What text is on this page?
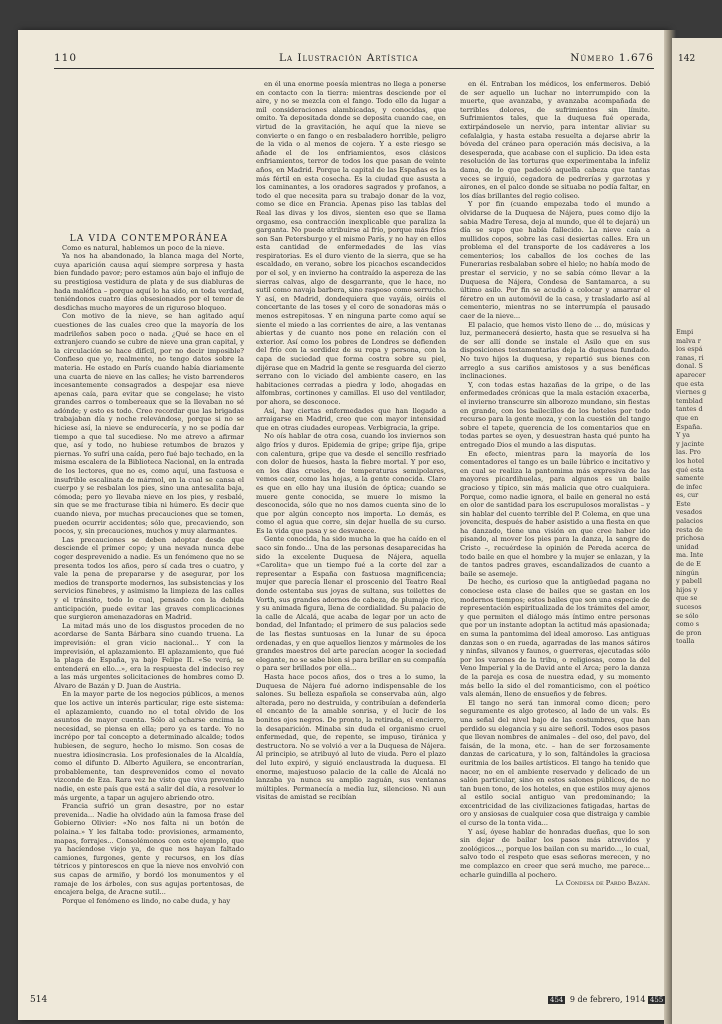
142
Empi
malva r
los espá
ranas, ri
donal. S
aparecer
que esta
viernes g
temblad
tantes d
que en
España.
Y ya
y jacinte
las. Pro
los hotel
qué esta
samente
de infec
es, cur
Este
vesados
palacios
resta de
prichosa
unidad
ma. Inte
de de E
ningún
y pabell
hijos y
que se
sucesos
se sólo
como s
de pron
toalla
110	La Ilustración Artística	Número 1.676

LA VIDA CONTEMPORÁNEA

Como es natural, hablemos un poco de la nieve.

Ya nos ha abandonado, la blanca maga del Norte, cuya aparición causa aquí siempre sorpresa y hasta bien fundado pavor; pero estamos aún bajo el influjo de su prestigiosa vestidura de plata y de sus diabluras de hada maléfica – porque aquí lo ha sido, en toda verdad, teniéndonos cuatro días obsesionados por el temor de desdichas mucho mayores de un riguroso bloqueo.

Con motivo de la nieve, se han agitado aquí cuestiones de las cuales creo que la mayoría de los madrileños saben poco o nada. ¿Qué se hace en el extranjero cuando se cubre de nieve una gran capital, y la circulación se hace difícil, por no decir imposible? Confieso que yo, realmente, no tengo datos sobre la materia. He estado en París cuando había diariamente una cuarta de nieve en las calles; he visto barrenderos incesantemente consagrados a despejar esa nieve apenas caía, para evitar que se congelase; he visto grandes carros o tombereaux que se la llevaban no sé adónde; y esto es todo. Creo recordar que las brigadas trabajaban día y noche relevándose, porque si no se hiciese así, la nieve se endurecería, y no se podía dar tiempo a que tal sucediese. No me atrevo a afirmar que, así y todo, no hubiese retumbos de brazos y piernas. Yo sufrí una caída, pero fué bajo techado, en la misma escalera de la Biblioteca Nacional, en la entrada de los lectores, que no es, como aquí, una fastuosa e insufrible escalinata de mármol, en la cual se cansa el cuerpo y se resbalan los pies, sino una antesalita baja, cómoda; pero yo llevaba nieve en los pies, y resbalé, sin que se me fracturase tibia ni húmero. Es decir que cuando nieva, por muchas precauciones que se tomen, pueden ocurrir accidentes; sólo que, precaviendo, son pocos, y, sin precauciones, muchos y muy alarmantes.

Las precauciones se deben adoptar desde que desciende el primer copo; y una nevada nunca debe coger desprevenido a nadie. Es un fenómeno que no se presenta todos los años, pero sí cada tres o cuatro, y vale la pena de prepararse y de asegurar, por los medios de transporte modernos, las subsistencias y los servicios fúnebres, y asimismo la limpieza de las calles y el tránsito, todo lo cual, pensado con la debida anticipación, puede evitar las graves complicaciones que surgieron amenazadoras en Madrid.

La mitad más uno de los disgustos proceden de no acordarse de Santa Bárbara sino cuando truena. La imprevisión: el gran vicio nacional... Y con la imprevisión, el aplazamiento. El aplazamiento, que fué la plaga de España, ya bajo Felipe II. «Se verá, se entenderá en ello...», era la respuesta del indeciso rey a las más urgentes solicitaciones de hombres como D. Álvaro de Bazán y D. Juan de Austria.

En la mayor parte de los negocios públicos, a menos que los active un interés particular, rige este sistema: el aplazamiento, cuando no el total olvido de los asuntos de mayor cuenta. Sólo al echarse encima la necesidad, se piensa en ella; pero ya es tarde. Yo no incrépo por tal concepto a determinado alcalde; todos hubiesen, de seguro, hecho lo mismo. Son cosas de nuestra idiosincrasia. Los profesionales de la Alcaldía, como el difunto D. Alberto Aguilera, se encontrarían, probablemente, tan desprevenidos como el novato vizconde de Eza. Rara vez he visto que viva prevenido nadie, en este país que está a salir del día, a resolver lo más urgente, a tapar un agujero abriendo otro.

Francia sufrió un gran desastre, por no estar prevenida... Nadie ha olvidado aún la famosa frase del Gobierno Olivier: «No nos falta ni un botón de polaina.» Y les faltaba todo: provisiones, armamento, mapas, forrajes... Consolémonos con este ejemplo, que ya hacíendose viejo ya, de que nos hayan faltado camiones, furgones, gente y recursos, en los días tétricos y pintorescos en que la nieve nos envolvió con sus capas de armiño, y bordó los monumentos y el ramaje de los árboles, con sus agujas portentosas, de encajera belga, de Aracne sutil...

Porque el fenómeno es lindo, no cabe duda, y hay

en él una enorme poesía mientras no llega a ponerse en contacto con la tierra: mientras desciende por el aire, y no se mezcla con el fango. Todo ello da lugar a mil consideraciones alambicadas, y conocidas, que omito. Ya depositada donde se deposita cuando cae, en virtud de la gravitación, he aquí que la nieve se convierte o en fango o en resbaladero horrible, peligro de la vida o al menos de cojera. Y a este riesgo se añade el de los enfriamientos, esos clásicos enfriamientos, terror de todos los que pasan de veinte años, en Madrid. Porque la capital de las Españas es la más fértil en esta cosecha. Es la ciudad que asusta a los caminantes, a los oradores sagrados y profanos, a todo el que necesita para su trabajo donar de la voz, como se dice en Francia. Apenas piso las tablas del Real las divas y los divos, sienten eso que se llama orgasmo, esa contracción inexplicable que paraliza la garganta. No puede atribuirse al frío, porque más fríos son San Petersburgo y el mismo París, y no hay en ellos esta cantidad de enfermedades de las vías respiratorias. Es el duro viento de la sierra, que se ha escaldado, en verano, sobre los picachos escandecidos por el sol, y en invierno ha contraído la aspereza de las sierras calvas, algo de desgarrante, que le hace, no sutil como navaja barbera, sino rasposo como serrucho. Y así, en Madrid, dondequiera que vayáis, oiréis el concertante de las toses y el coro de sonadoras más o menos estrepitosas. Y en ninguna parte como aquí se siente el miedo a las corrientes de aire, a las ventanas abiertas y de cuanto nos pone en relación con el exterior. Así como los pobres de Londres se defienden del frío con la sordidez de su ropa y persona, con la capa de suciedad que forma costra sobre su piel, dijérase que en Madrid la gente se resguarda del cierzo serrano con lo viciado del ambiente casero, en las habitaciones cerradas a piedra y lodo, ahogadas en alfombras, cortinones y camillas. El uso del ventilador, por ahora, se desconoce.

Así, hay ciertas enfermedades que han llegado a arraigarse en Madrid, creo que con mayor intensidad que en otras ciudades europeas. Verbigracia, la gripe.

No oís hablar de otra cosa, cuando los inviernos son algo fríos y duros. Epidemia de gripe; gripe fija, gripe con calentura, gripe que va desde el sencillo resfriado con dolor de huesos, hasta la fiebre mortal. Y por eso, en los días crueles, de temperaturas semipolares, vemos caer, como las hojas, a la gente conocida. Claro es que en ello hay una ilusión de óptica; cuando se muere gente conocida, se muere lo mismo la desconocida, sólo que no nos damos cuenta sino de lo que por algún concepto nos importa. Lo demás, es como el agua que corre, sin dejar huella de su curso. Es la vida que pasa y se desvanece.

Gente conocida, ha sido mucha la que ha caído en el saco sin fondo... Una de las personas desaparecidas ha sido la excelente Duquesa de Nájera, aquella «Carolita» que un tiempo fué a la corte del zar a representar a España con fastuosa magnificencia; mujer que parecía llenar el proscenio del Teatro Real donde ostentaba sus joyas de sultana, sus toilettes de Vorth, sus grandes adornos de cabeza, de plumaje rico, y su animada figura, llena de cordialidad. Su palacio de la calle de Alcalá, que acaba de legar por un acto de bondad, del Infantado; el primero de sus palacios sede de las fiestas suntuosas en la lunar de su época ordenadas, y en que aquellos lienzos y mármoles de los grandes maestros del arte parecían acoger la sociedad elegante, no se sabe bien si para brillar en su compañía o para ser brillados por ella...

Hasta hace pocos años, dos o tres a lo sumo, la Duquesa de Nájera fué adorno indispensable de los salones. Su belleza española se conservaba aún, algo alterada, pero no destruida, y contribuían a defenderla el encanto de la amable sonrisa, y el lucir de los bonitos ojos negros. De pronto, la retirada, el encierro, la desaparición. Minaba sin duda el organismo cruel enfermedad, que, de repente, se impuso, tiránica y destructora. No se volvió a ver a la Duquesa de Nájera. Al principio, se atribuyó al luto de viuda. Pero el plazo del luto expiró, y siguió enclaustrada la duquesa. El enorme, majestuoso palacio de la calle de Alcalá no lanzaba ya nunca su amplio zaguán, sus ventanas múltiples. Permanecía a media luz, silencioso. Ni aun visitas de amistad se recibían

en él. Entraban los médicos, los enfermeros. Debió de ser aquello un luchar no interrumpido con la muerte, que avanzaba, y avanzaba acompañada de terribles dolores, de sufrimientos sin límite. Sufrimientos tales, que la duquesa fué operada, extirpándosele un nervio, para intentar aliviar su cefalalgia, y hasta estaba resuelta a dejarse abrir la bóveda del cráneo para operación más decisiva, a la desesperada, que acabase con el suplicio. Da idea esta resolución de las torturas que experimentaba la infeliz dama, de lo que padeció aquella cabeza que tantas veces se irguió, cegadora de pedrerías y garzotas y airones, en el palco donde se situaba no podía faltar, en los días brillantes del regio coliseo.

Y por fin (cuando empezaba todo el mundo a olvidarse de la Duquesa de Nájera, pues como dijo la sabia Madre Teresa, deja al mundo, que él te dejará) un día se supo que había fallecido. La nieve caía a mullidos copos, sobre las casi desiertas calles. Era un problema el del transporte de los cadáveres a los cementerios; los caballos de los coches de las Funerarias resbalaban sobre el hielo; no había modo de prestar el servicio, y no se sabía cómo llevar a la Duquesa de Nájera, Condesa de Santamarca, a su último asilo. Por fin se acudió a colocar y amarrar el féretro en un automóvil de la casa, y trasladarlo así al cementerio, mientras no se interrumpía el pausado caer de la nieve...

El palacio, que hemos visto lleno de ... do, músicas y luz, permanecerá desierto, hasta que se resuelva si ha de ser allí donde se instale el Asilo que en sus disposiciones testamentarias deja la duquesa fundado. No tuvo hijos la duquesa, y repartió sus bienes con arreglo a sus cariños amistosos y a sus benéficas inclinaciones.

Y, con todas estas hazañas de la gripe, o de las enfermedades crónicas que la mala estación exacerba, el invierno transcurre sin alborozo mundano, sin fiestas en grande, con los bailecillos de los hoteles por todo recurso para la gente moza, y con la cuestión del tango sobre el tapete, querencia de los comentarios que en todas partes se oyen, y desuestran hasta qué punto ha entregado Dios el mundo a las disputas.

En efecto, mientras para la mayoría de los comentadores el tango es un baile lúbrico e incitativo y en cual se realiza la pantomima más expresiva de las mayores picardihuelas, para algunos es un baile gracioso y típico, sin más malicia que otro cualquiera. Porque, como nadie ignora, el baile en general no está en olor de santidad para los escrupulosos moralistas – y sin hablar del cuento terrible del P. Colema, en que una jovencita, después de haber asistido a una fiesta en que ha danzado, tiene una visión en que cree haber ido pisando, al mover los pies para la danza, la sangre de Cristo –, recuérdese la opinión de Pereda acerca de todo baile en que el hombre y la mujer se enlazan, y la de tantos padres graves, escandalizados de cuanto a baile se asemeje.

De hecho, es curioso que la antigüedad pagana no conociese esta clase de bailes que se gastan en los modernos tiempos; estos bailes que son una especie de representación espiritualizada de los trámites del amor, y que permiten el diálogo más íntimo entre personas que por un instante adoptan la actitud más apasionada; en suma la pantomima del ideal amoroso. Las antiguas danzas son o en rueda, agarradas de las manos sátiros y ninfas, silvanos y faunos, o guerreras, ejecutadas sólo por los varones de la tribu, o religiosas, como la del Veno Imperial y la de David ante el Arca; pero la danza de la pareja es cosa de nuestra edad, y su momento más bello la sido el del romanticismo, con el poético vals alemán, lleno de ensueños y de febres.

El tango no será tan inmoral como dicen; pero seguramente es algo grotesco, al lado de un vals. Es una señal del nivel bajo de las costumbres, que han perdido su elegancia y su aire señoril. Todos esos pasos que llevan nombres de animales – del oso, del pavo, del faisán, de la mona, etc. – han de ser forzosamente danzas de caricatura, y lo son, faltándoles la graciosa euritmia de los bailes artísticos. El tango ha tenido que nacer, no en el ambiente reservado y delicado de un salón particular, sino en estos salones públicos, de no tan buen tono, de los hoteles, en que estilos muy ajenos al estilo social antiguo van predominando; la excentricidad de las civilizaciones fatigadas, hartas de oro y ansiosas de cualquier cosa que distraiga y cambie el curso de la tonta vida...

Y así, óyese hablar de honradas dueñas, que lo son sin dejar de bailar los pasos más atrevidos y zoológicos..., porque los bailan con su marido..., lo cual, salvo todo el respeto que esas señoras merecen, y no me complazco en creer que será mucho, me parece... echarle guindilla al pochero.

La Condesa de Pardo Bazán.

514	454 9 de febrero, 1914 455
